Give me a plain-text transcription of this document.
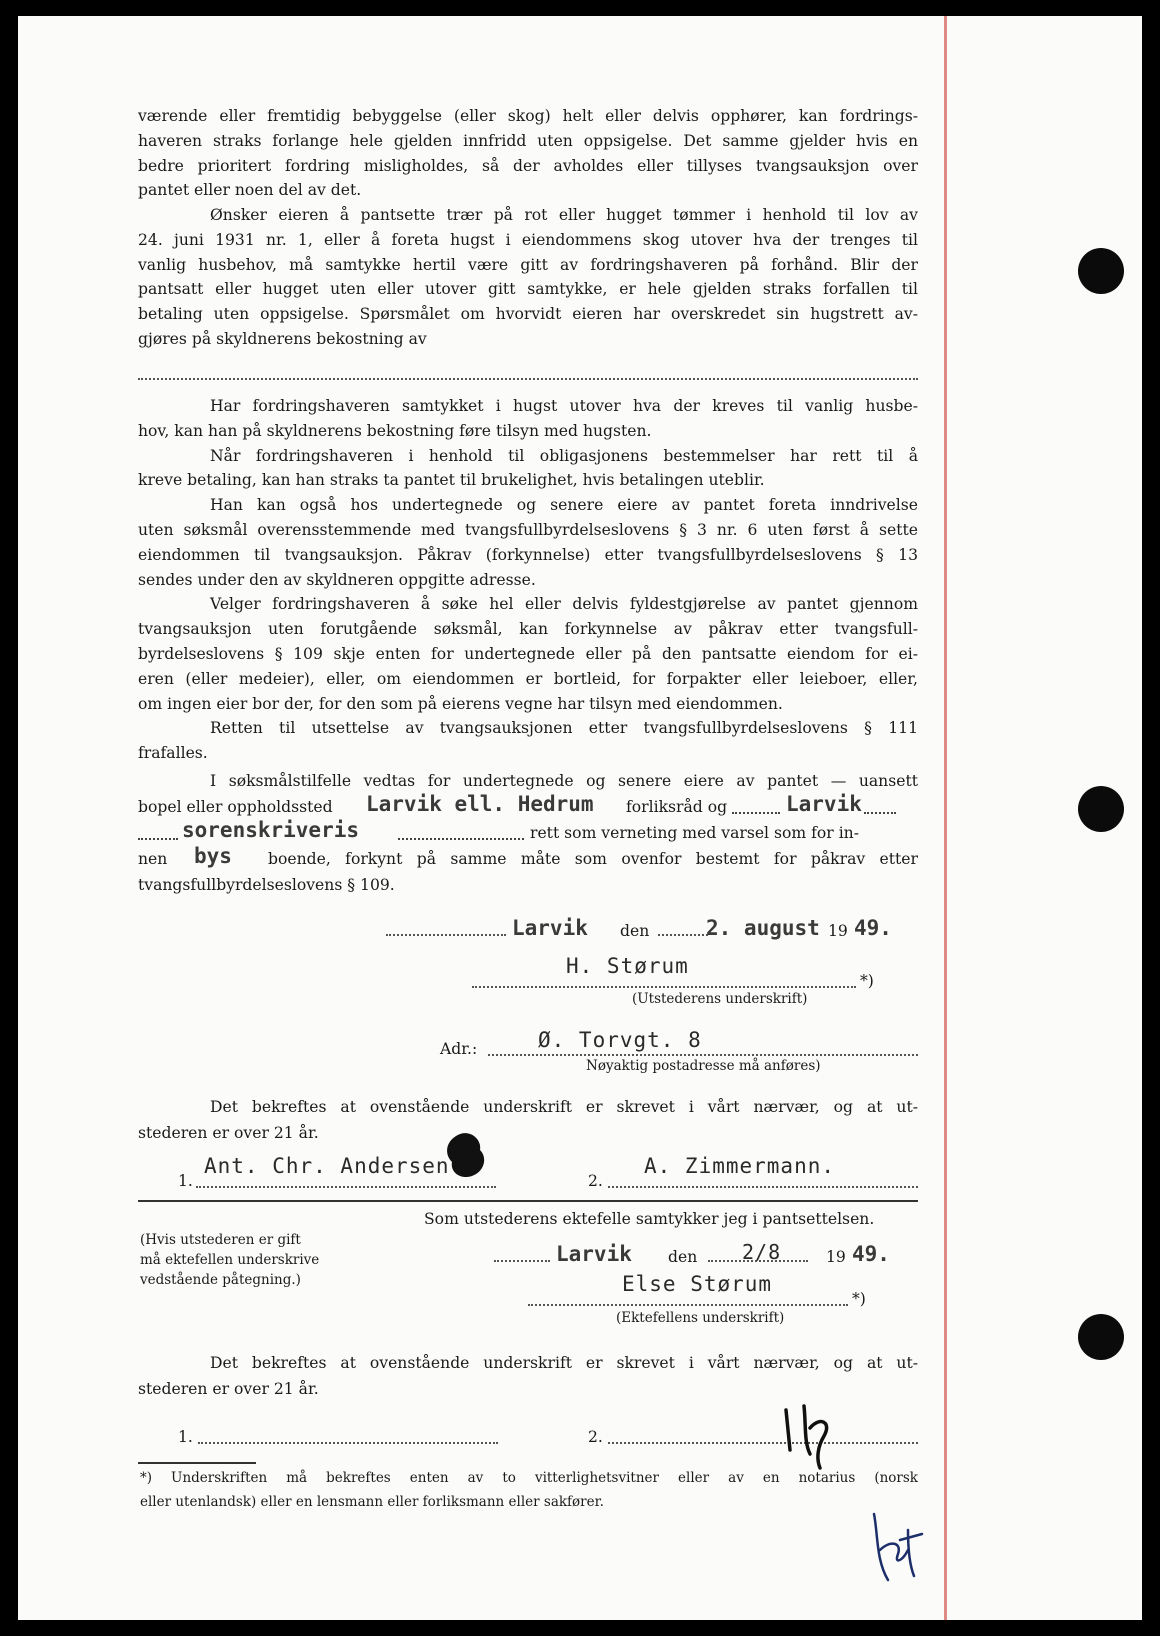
værende eller fremtidig bebyggelse (eller skog) helt eller delvis opphører, kan fordrings-
haveren straks forlange hele gjelden innfridd uten oppsigelse. Det samme gjelder hvis en
bedre prioritert fordring misligholdes, så der avholdes eller tillyses tvangsauksjon over
pantet eller noen del av det.
Ønsker eieren å pantsette trær på rot eller hugget tømmer i henhold til lov av
24. juni 1931 nr. 1, eller å foreta hugst i eiendommens skog utover hva der trenges til
vanlig husbehov, må samtykke hertil være gitt av fordringshaveren på forhånd. Blir der
pantsatt eller hugget uten eller utover gitt samtykke, er hele gjelden straks forfallen til
betaling uten oppsigelse. Spørsmålet om hvorvidt eieren har overskredet sin hugstrett av-
gjøres på skyldnerens bekostning av
Har fordringshaveren samtykket i hugst utover hva der kreves til vanlig husbe-
hov, kan han på skyldnerens bekostning føre tilsyn med hugsten.
Når fordringshaveren i henhold til obligasjonens bestemmelser har rett til å
kreve betaling, kan han straks ta pantet til brukelighet, hvis betalingen uteblir.
Han kan også hos undertegnede og senere eiere av pantet foreta inndrivelse
uten søksmål overensstemmende med tvangsfullbyrdelseslovens § 3 nr. 6 uten først å sette
eiendommen til tvangsauksjon. Påkrav (forkynnelse) etter tvangsfullbyrdelseslovens § 13
sendes under den av skyldneren oppgitte adresse.
Velger fordringshaveren å søke hel eller delvis fyldestgjørelse av pantet gjennom
tvangsauksjon uten forutgående søksmål, kan forkynnelse av påkrav etter tvangsfull-
byrdelseslovens § 109 skje enten for undertegnede eller på den pantsatte eiendom for ei-
eren (eller medeier), eller, om eiendommen er bortleid, for forpakter eller leieboer, eller,
om ingen eier bor der, for den som på eierens vegne har tilsyn med eiendommen.
Retten til utsettelse av tvangsauksjonen etter tvangsfullbyrdelseslovens § 111
frafalles.
I søksmålstilfelle vedtas for undertegnede og senere eiere av pantet — uansett
bopel eller oppholdssted Larvik ell. Hedrum forliksråd og	Larvik
sorenskriveris	rett som verneting med varsel som for in-
nen bys boende, forkynt på samme måte som ovenfor bestemt for påkrav etter
tvangsfullbyrdelseslovens § 109.
Larvik den	2. august 19 49.
H. Størum
*)
(Utstederens underskrift)
Adr.:	Ø. Torvgt. 8
Nøyaktig postadresse må anføres)
Det bekreftes at ovenstående underskrift er skrevet i vårt nærvær, og at ut-
stederen er over 21 år.
1.
Ant. Chr. Andersen
2.
A. Zimmermann.
Som utstederens ektefelle samtykker jeg i pantsettelsen.
(Hvis utstederen er gift
må ektefellen underskrive
vedstående påtegning.)
Larvik den 2/8	19 49.
Else Størum
*)
(Ektefellens underskrift)
Det bekreftes at ovenstående underskrift er skrevet i vårt nærvær, og at ut-
stederen er over 21 år.
1.	2.
*) Underskriften må bekreftes enten av to vitterlighetsvitner eller av en notarius (norsk
eller utenlandsk) eller en lensmann eller forliksmann eller sakfører.
